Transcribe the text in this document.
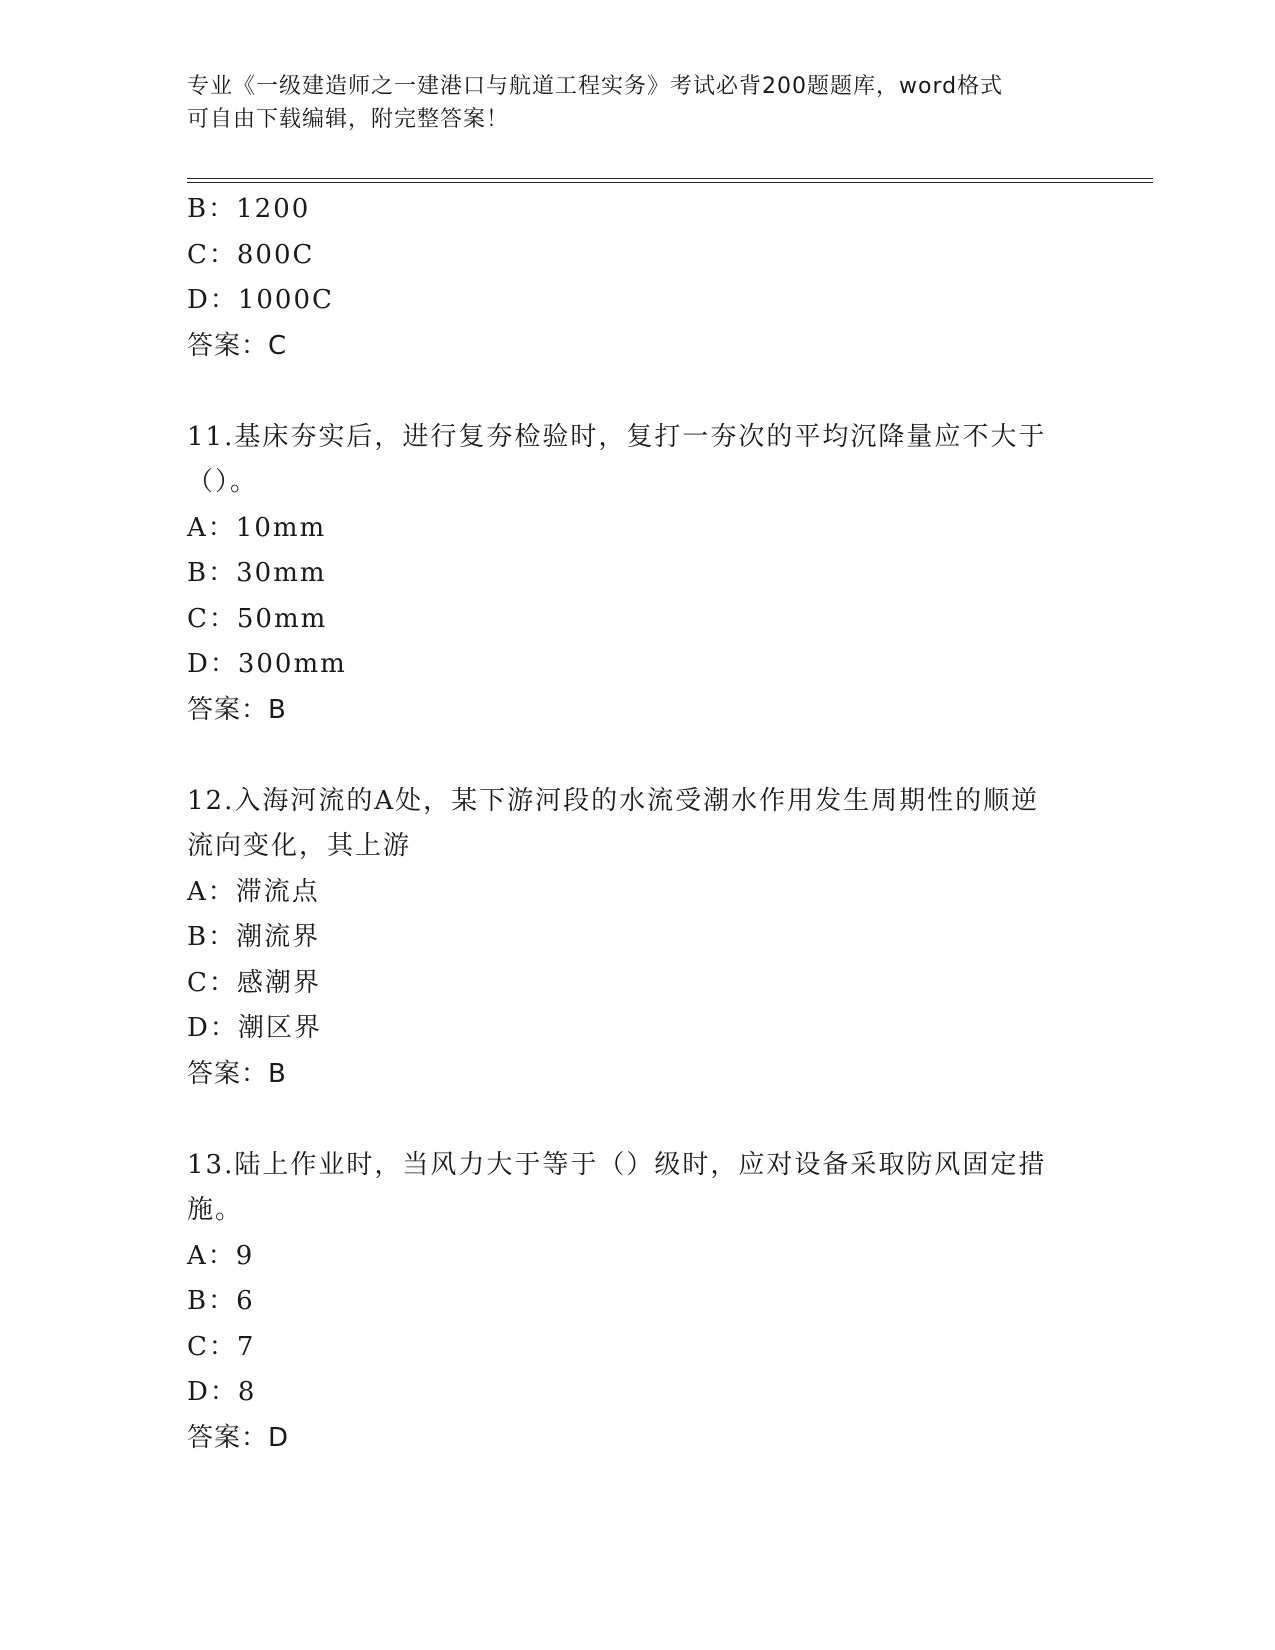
专业《一级建造师之一建港口与航道工程实务》考试必背200题题库，word格式
可自由下载编辑，附完整答案！
B：1200
C：800C
D：1000C
答案：C
11.基床夯实后，进行复夯检验时，复打一夯次的平均沉降量应不大于
（）。
A：10mm
B：30mm
C：50mm
D：300mm
答案：B
12.入海河流的A处，某下游河段的水流受潮水作用发生周期性的顺逆
流向变化，其上游
A：滞流点
B：潮流界
C：感潮界
D：潮区界
答案：B
13.陆上作业时，当风力大于等于（）级时，应对设备采取防风固定措
施。
A：9
B：6
C：7
D：8
答案：D
